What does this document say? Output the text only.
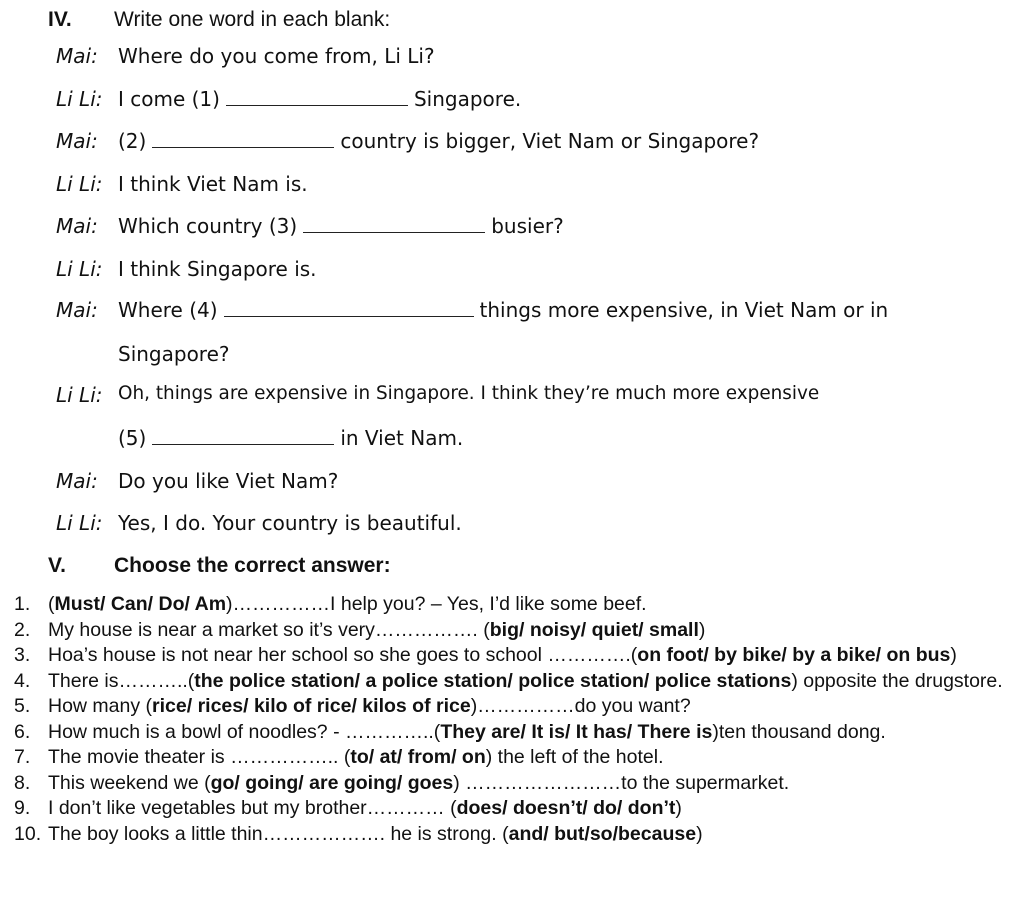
IV. Write one word in each blank:
Mai: Where do you come from, Li Li?
Li Li: I come (1)	Singapore.
Mai: (2)	country is bigger, Viet Nam or Singapore?
Li Li: I think Viet Nam is.
Mai: Which country (3)	busier?
Li Li: I think Singapore is.
Mai: Where (4)	things more expensive, in Viet Nam or in
Singapore?
Li Li: Oh, things are expensive in Singapore. I think they’re much more expensive
(5)	in Viet Nam.
Mai: Do you like Viet Nam?
Li Li: Yes, I do. Your country is beautiful.
V. Choose the correct answer:
1. (Must/ Can/ Do/ Am)……………I help you? – Yes, I’d like some beef.
2. My house is near a market so it’s very……………. (big/ noisy/ quiet/ small)
3. Hoa’s house is not near her school so she goes to school ………….(on foot/ by bike/ by a bike/ on bus)
4. There is………..(the police station/ a police station/ police station/ police stations) opposite the drugstore.
5. How many (rice/ rices/ kilo of rice/ kilos of rice)……………do you want?
6. How much is a bowl of noodles? - …………..(They are/ It is/ It has/ There is)ten thousand dong.
7. The movie theater is …………….. (to/ at/ from/ on) the left of the hotel.
8. This weekend we (go/ going/ are going/ goes) ……………………to the supermarket.
9. I don’t like vegetables but my brother………… (does/ doesn’t/ do/ don’t)
10. The boy looks a little thin………………. he is strong. (and/ but/so/because)
